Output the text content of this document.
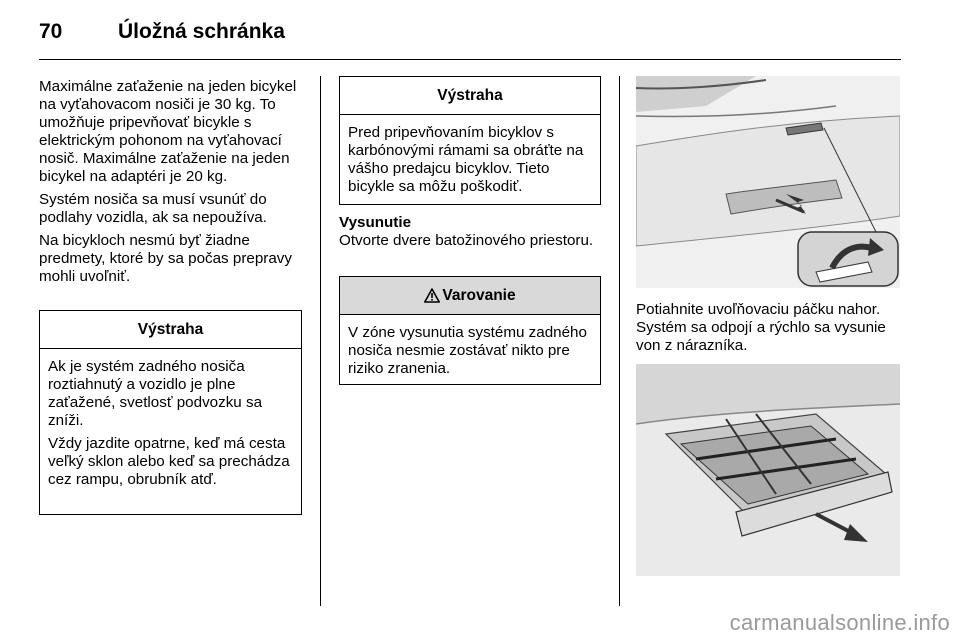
70	Úložná schránka

Maximálne zaťaženie na jeden bicykel na vyťahovacom nosiči je 30 kg. To umožňuje pripevňovať bicykle s elektrickým pohonom na vyťahovací nosič. Maximálne zaťaženie na jeden bicykel na adaptéri je 20 kg.

Systém nosiča sa musí vsunúť do podlahy vozidla, ak sa nepoužíva.

Na bicykloch nesmú byť žiadne predmety, ktoré by sa počas prepravy mohli uvoľniť.

Výstraha

Ak je systém zadného nosiča roztiahnutý a vozidlo je plne zaťažené, svetlosť podvozku sa zníži.

Vždy jazdite opatrne, keď má cesta veľký sklon alebo keď sa prechádza cez rampu, obrubník atď.

Výstraha

Pred pripevňovaním bicyklov s karbónovými rámami sa obráťte na vášho predajcu bicyklov. Tieto bicykle sa môžu poškodiť.

Vysunutie
Otvorte dvere batožinového priestoru.
Varovanie

V zóne vysunutia systému zadného nosiča nesmie zostávať nikto pre riziko zranenia.

Potiahnite uvoľňovaciu páčku nahor. Systém sa odpojí a rýchlo sa vysunie von z nárazníka.

carmanualsonline.info
